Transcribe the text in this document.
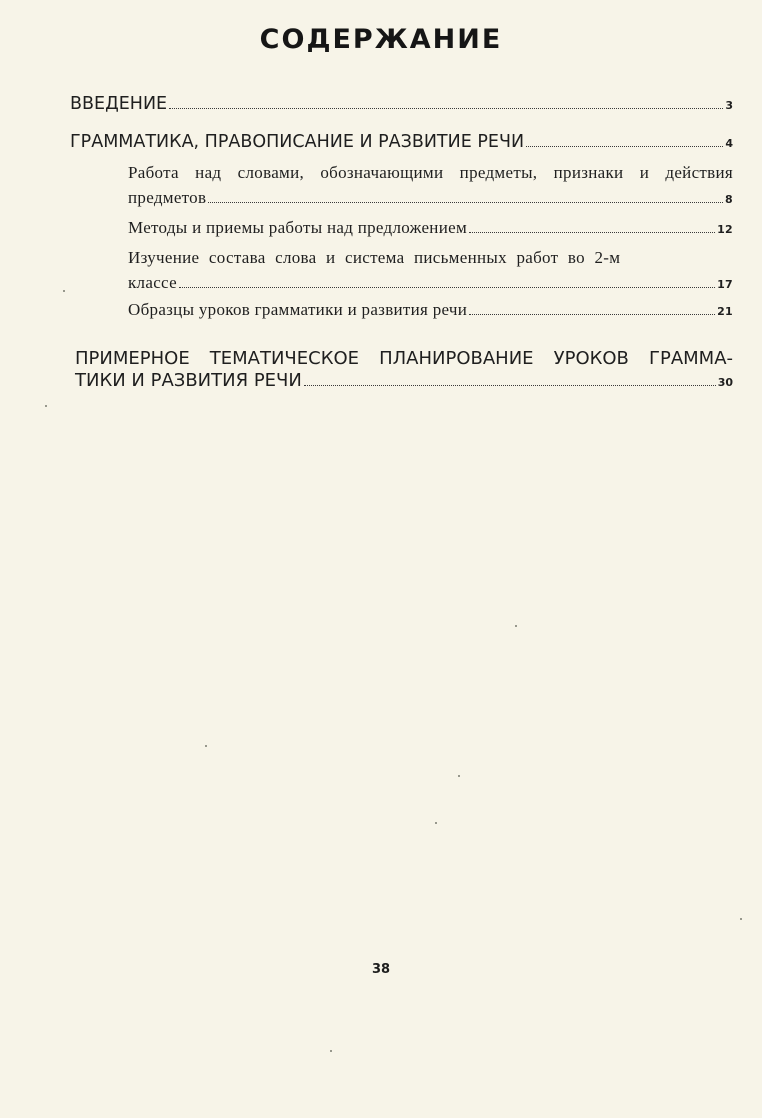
СОДЕРЖАНИЕ
ВВЕДЕНИЕ	3
ГРАММАТИКА, ПРАВОПИСАНИЕ И РАЗВИТИЕ РЕЧИ	4
Работа над словами, обозначающими предметы, признаки и действия
предметов	8
Методы и приемы работы над предложением	12
Изучение состава слова и система письменных работ во 2-м
классе	17
Образцы уроков грамматики и развития речи	21
ПРИМЕРНОЕ ТЕМАТИЧЕСКОЕ ПЛАНИРОВАНИЕ УРОКОВ ГРАММА-
ТИКИ И РАЗВИТИЯ РЕЧИ	30
38
